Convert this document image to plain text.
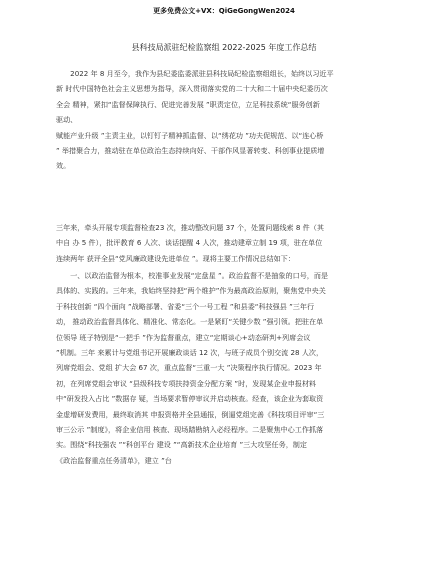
更多免费公文+VX：QiGeGongWen2024
县科技局派驻纪检监察组 2022-2025 年度工作总结
　　2022 年 8 月至今，我作为县纪委监委派驻县科技局纪检监察组组长，始终以习近平
新 时代中国特色社会主义思想为指导，深入贯彻落实党的二十大和二十届中央纪委历次
全会 精神，紧扣“监督保障执行、促进完善发展 ”职责定位，立足科技系统“服务创新
驱动、
赋能产业升级 ”主责主业，以钉钉子精神抓监督、以“绣花功 ”功夫促规范、以“连心桥
” 举措聚合力，推动驻在单位政治生态持续向好、干部作风显著转变、科创事业提质增
效。
三年来，牵头开展专项监督检查23 次，推动整改问题 37 个，处置问题线索 8 件（其
中自 办 5 件），批评教育 6 人次、谈话提醒 4 人次，推动建章立制 19 项，驻在单位
连续两年 获评全县“党风廉政建设先进单位 ”。现将主要工作情况总结如下：
　　一、以政治监督为根本，校准事业发展“定盘星 ”。政治监督不是抽象的口号，而是
具体的、实践的。三年来，我始终坚持把“两个维护”作为最高政治原则，聚焦党中央关
于科技创新 “四个面向 ”战略部署、省委“三个一号工程 ”和县委“科技强县 ”三年行
动， 推动政治监督具体化、精准化、常态化。一是紧盯“关键少数 ”强引领。把驻在单
位领导 班子特别是“一把手 ”作为监督重点，建立“定期谈心+动态研判+列席会议
”机制。三年 来累计与党组书记开展廉政谈话 12 次，与班子成员个别交流 28 人次，
列席党组会、党组 扩大会 67 次，重点监督“三重一大 ”决策程序执行情况。2023 年
初，在列席党组会审议 “县级科技专项扶持资金分配方案 ”时，发现某企业申报材料
中“研发投入占比 ”数据存 疑，当场要求暂停审议并启动核查。经查，该企业为套取资
金虚增研发费用，最终取消其 申报资格并全县通报，倒逼党组完善《科技项目评审“三
审三公示 ”制度》，将企业信用 核查、现场踏勘纳入必经程序。二是聚焦中心工作抓落
实。围绕“科技强农 ”“科创平台 建设 ”“高新技术企业培育 ”三大攻坚任务，制定
《政治监督重点任务清单》，建立 ”台
